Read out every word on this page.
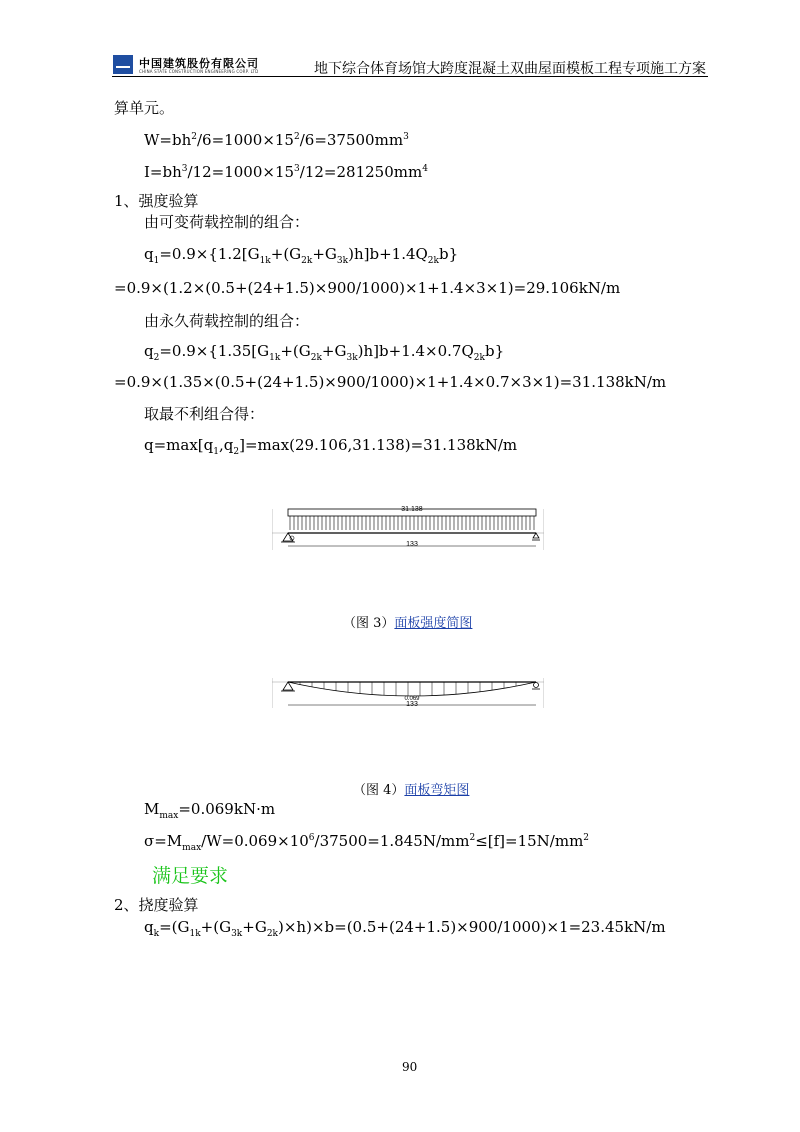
中国建筑股份有限公司
CHINA STATE CONSTRUCTION ENGINEERING CORP. LTD	地下综合体育场馆大跨度混凝土双曲屋面模板工程专项施工方案
算单元。
$W=bh^2/6=1000\times 15^2/6=37500mm^3$
$I=bh^3/12=1000\times 15^3/12=281250mm^4$
1、强度验算
由可变荷载控制的组合：
$q_1=0.9\times\{1.2[G_{1k}+(G_{2k}+G_{3k})h]b+1.4Q_{2k}b\}$
=0.9×(1.2×(0.5+(24+1.5)×900/1000)×1+1.4×3×1)=29.106kN/m
由永久荷载控制的组合：
$q_2=0.9\times\{1.35[G_{1k}+(G_{2k}+G_{3k})h]b+1.4\times 0.7Q_{2k}b\}$
=0.9×(1.35×(0.5+(24+1.5)×900/1000)×1+1.4×0.7×3×1)=31.138kN/m
取最不利组合得：
$q=\max[q_1,q_2]=\max(29.106,31.138)=31.138kN/m$
31.138
133
（图 3）面板强度简图
0.069
133
（图 4）面板弯矩图
$M_{max}=0.069kN\cdot m$
$\sigma=M_{max}/W=0.069\times 10^6/37500=1.845N/mm^2\le[f]=15N/mm^2$
满足要求
2、挠度验算
$q_k=(G_{1k}+(G_{3k}+G_{2k})\times h)\times b=(0.5+(24+1.5)\times 900/1000)\times 1=23.45kN/m$
90
